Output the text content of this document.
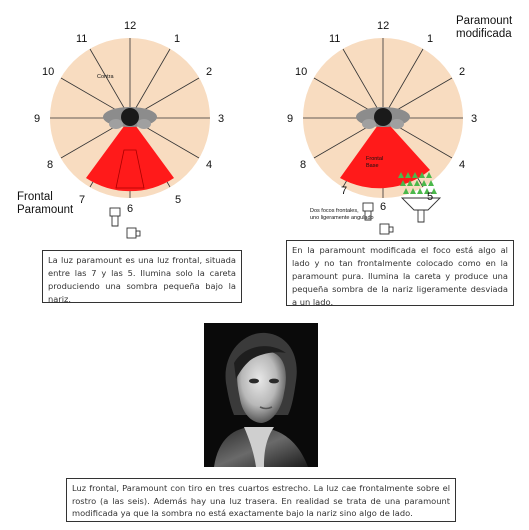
Contra
12
1
2
3
4
5
6
7
8
9
10
11
Frontal
Paramount
Frontal
Base
Dos focos frontales,
uno ligeramente angulado
12
1
2
3
4
5
6
7
8
9
10
11
Paramount
modificada
La luz paramount es una luz frontal, situada entre las 7 y las 5. Ilumina solo la careta produciendo una sombra pequeña bajo la nariz.
En la paramount modificada el foco está algo al lado y no tan frontalmente colocado como en la paramount pura. Ilumina la careta y produce una pequeña sombra de la nariz ligeramente desviada a un lado.
Luz frontal, Paramount con tiro en tres cuartos estrecho. La luz cae frontalmente sobre el rostro (a las seis). Además hay una luz trasera. En realidad se trata de una paramount modificada ya que la sombra no está exactamente bajo la nariz sino algo de lado.
